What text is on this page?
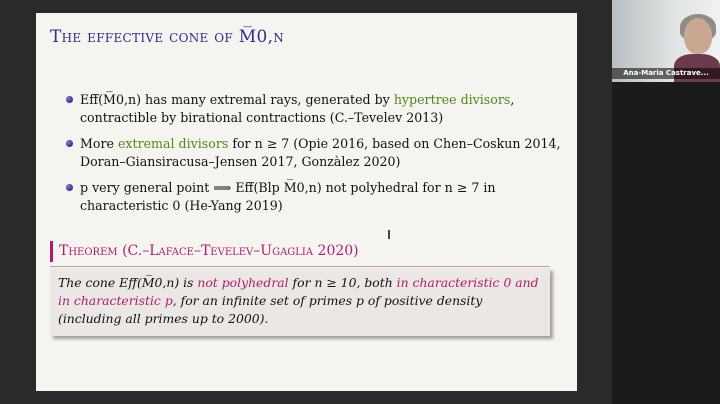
The effective cone of M̅0,n
Eff̅(M̅0,n) has many extremal rays, generated by hypertree divisors, contractible by birational contractions (C.–Tevelev 2013)
More extremal divisors for n ≥ 7 (Opie 2016, based on Chen–Coskun 2014, Doran–Giansiracusa–Jensen 2017, Gonzàlez 2020)
p very general point ⟹ Eff̅(Blp M̅0,n) not polyhedral for n ≥ 7 in characteristic 0 (He-Yang 2019)
Theorem (C.–Laface–Tevelev–Ugaglia 2020)
The cone Eff̅(M̅0,n) is not polyhedral for n ≥ 10, both in characteristic 0 and in characteristic p, for an infinite set of primes p of positive density (including all primes up to 2000).
Ana-Maria Castrave...
